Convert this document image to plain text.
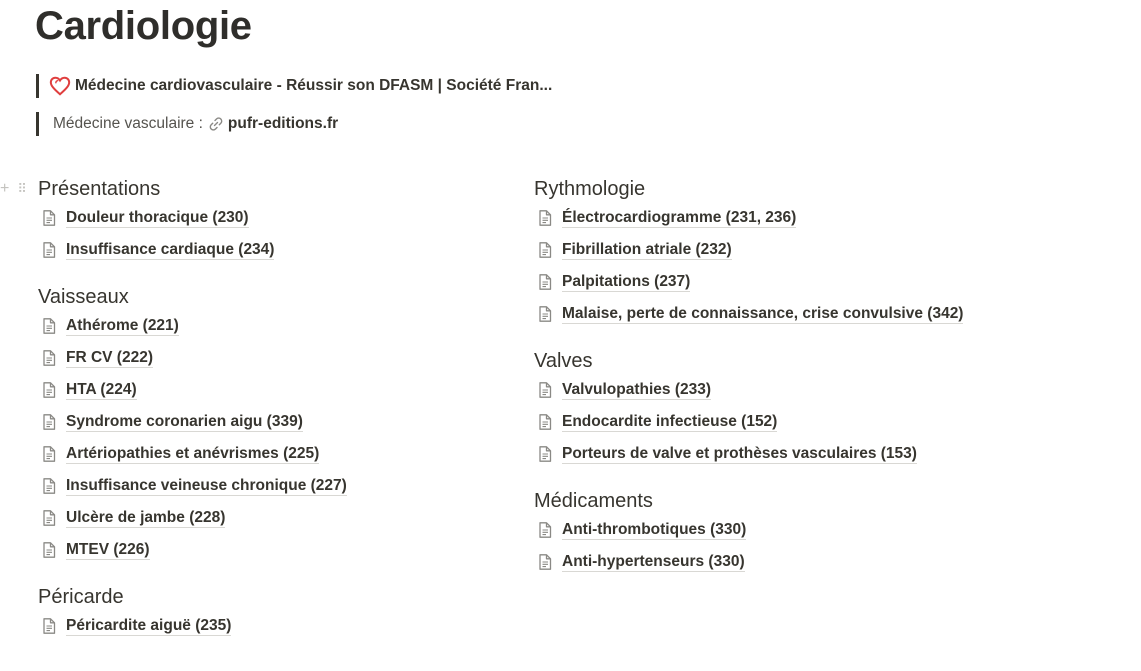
Cardiologie
Médecine cardiovasculaire - Réussir son DFASM | Société Fran...
Médecine vasculaire : pufr-editions.fr
+ ⠿ Présentations
Douleur thoracique (230)
Insuffisance cardiaque (234)
Vaisseaux
Athérome (221)
FR CV (222)
HTA (224)
Syndrome coronarien aigu (339)
Artériopathies et anévrismes (225)
Insuffisance veineuse chronique (227)
Ulcère de jambe (228)
MTEV (226)
Péricarde
Péricardite aiguë (235)
Rythmologie
Électrocardiogramme (231, 236)
Fibrillation atriale (232)
Palpitations (237)
Malaise, perte de connaissance, crise convulsive (342)
Valves
Valvulopathies (233)
Endocardite infectieuse (152)
Porteurs de valve et prothèses vasculaires (153)
Médicaments
Anti-thrombotiques (330)
Anti-hypertenseurs (330)
